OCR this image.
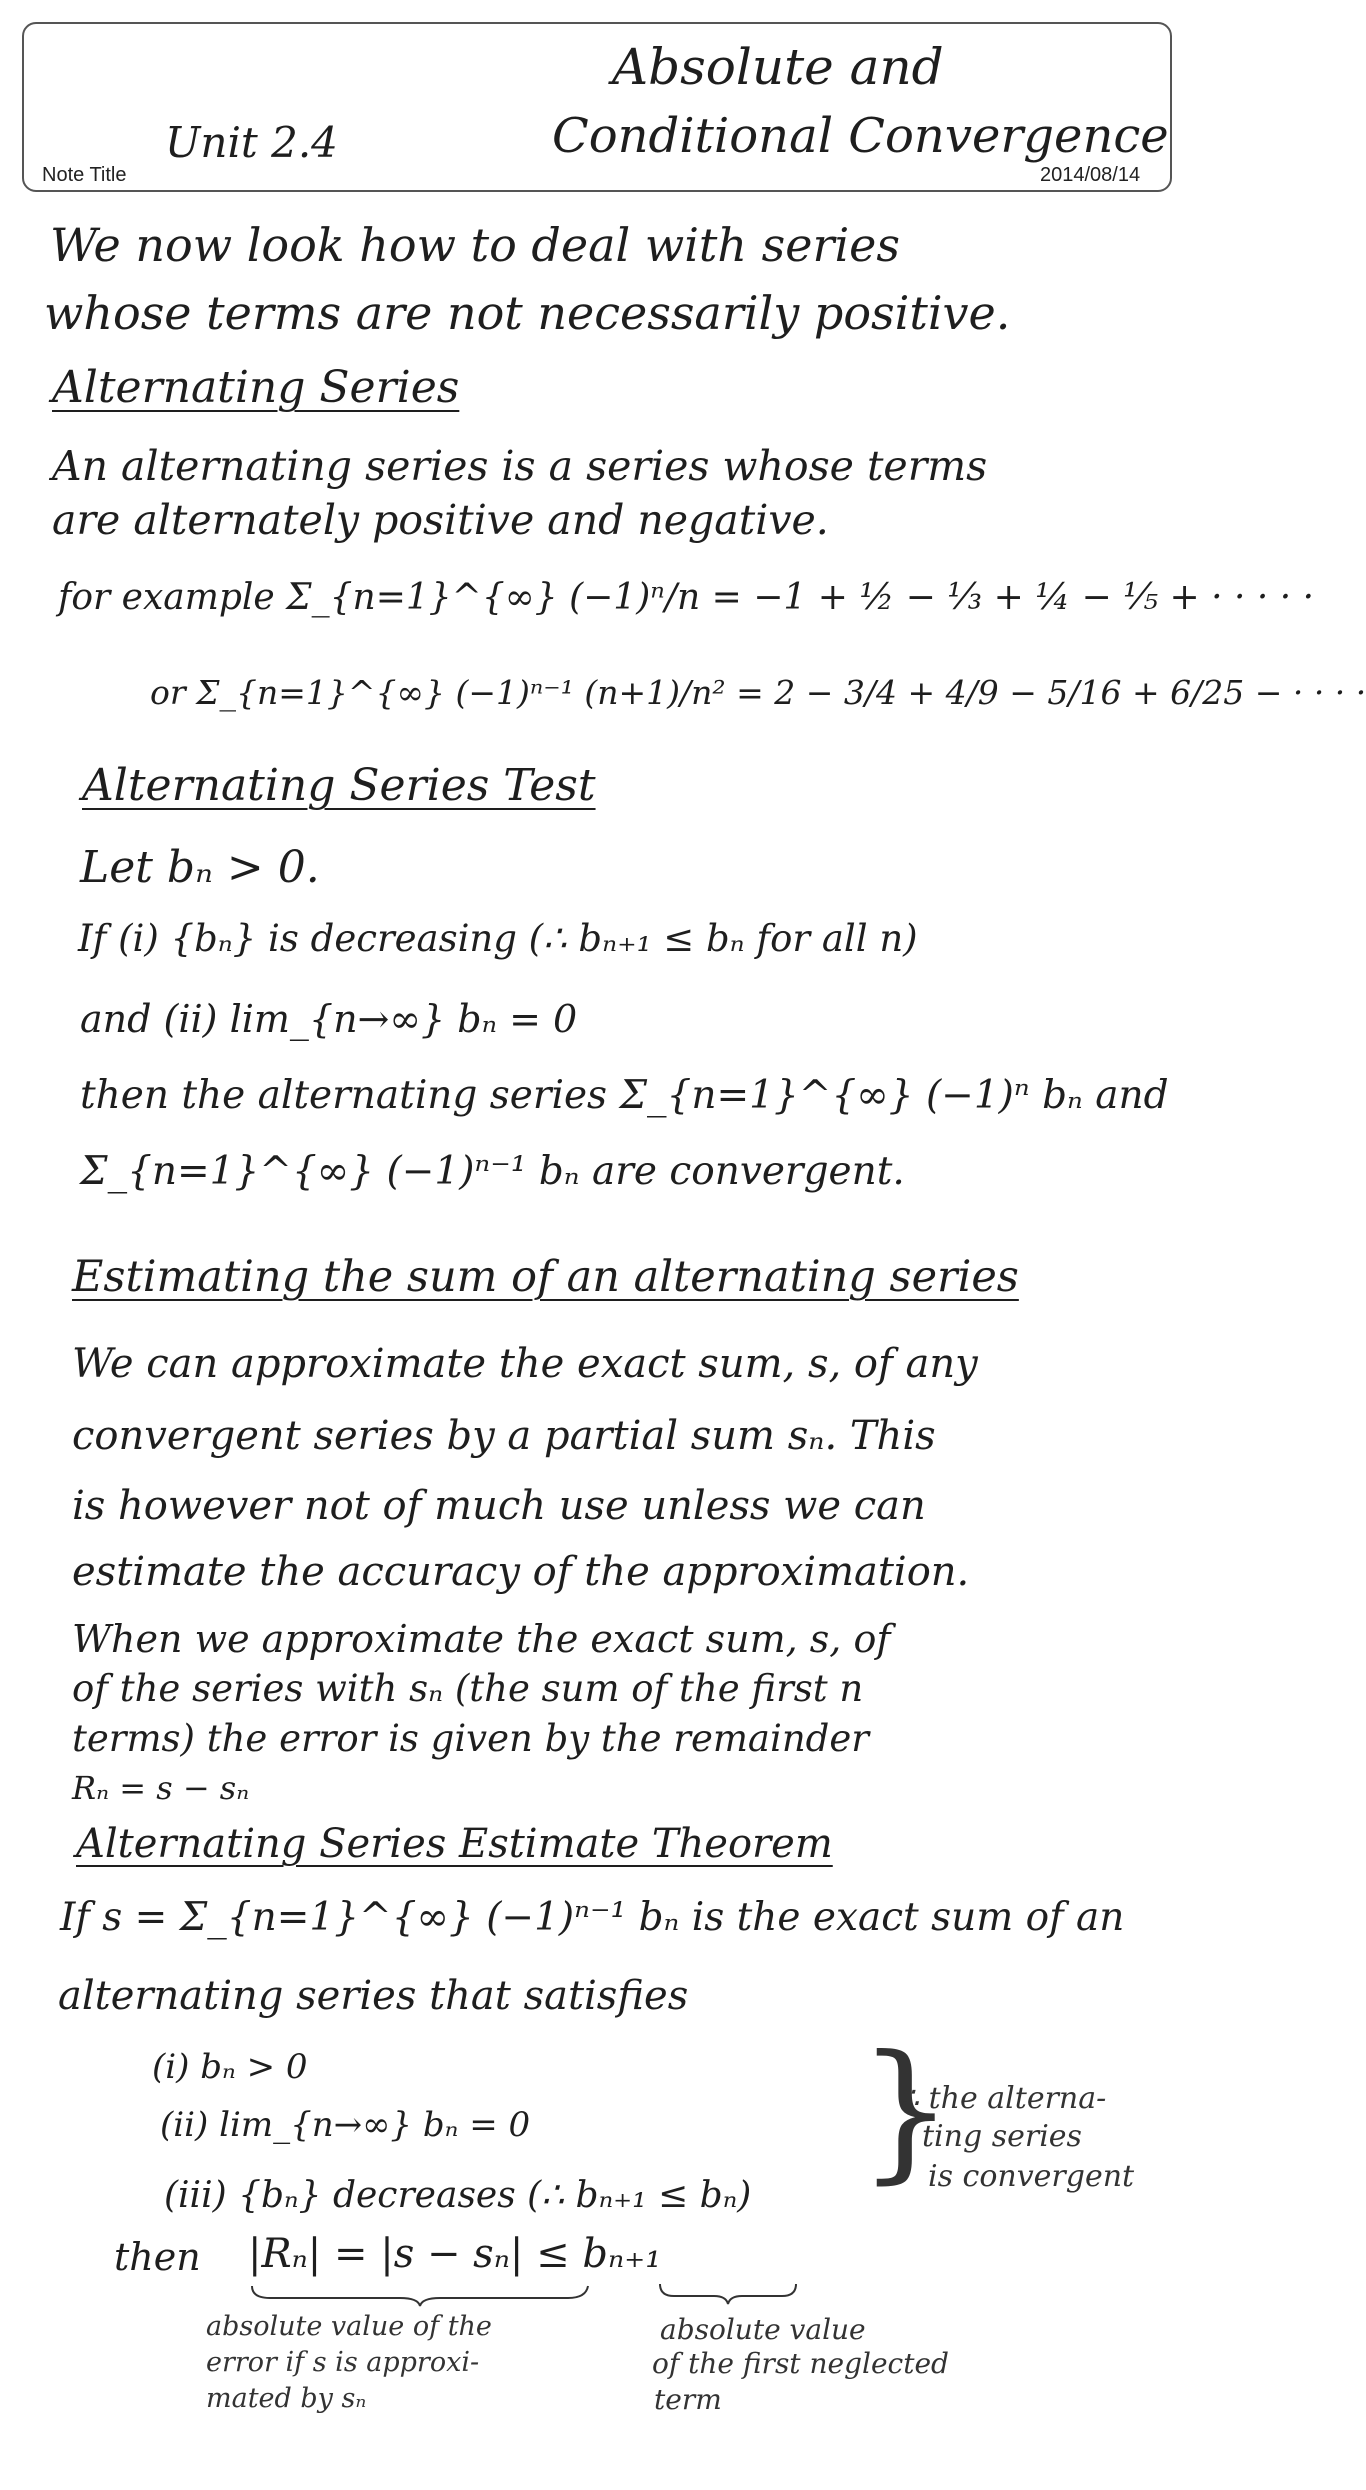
Absolute and
Conditional Convergence
Unit 2.4
Note Title	2014/08/14
We now look how to deal with series
whose terms are not necessarily positive.
Alternating Series
An alternating series is a series whose terms
are alternately positive and negative.
for example Σ_{n=1}^{∞} (−1)ⁿ/n = −1 + ½ − ⅓ + ¼ − ⅕ + · · · · ·
or Σ_{n=1}^{∞} (−1)ⁿ⁻¹ (n+1)/n² = 2 − 3/4 + 4/9 − 5/16 + 6/25 − · · · ·
Alternating Series Test
Let bₙ > 0.
If (i) {bₙ} is decreasing (∴ bₙ₊₁ ≤ bₙ for all n)
and (ii) lim_{n→∞} bₙ = 0
then the alternating series Σ_{n=1}^{∞} (−1)ⁿ bₙ and
Σ_{n=1}^{∞} (−1)ⁿ⁻¹ bₙ are convergent.
Estimating the sum of an alternating series
We can approximate the exact sum, s, of any
convergent series by a partial sum sₙ. This
is however not of much use unless we can
estimate the accuracy of the approximation.
When we approximate the exact sum, s, of
of the series with sₙ (the sum of the first n
terms) the error is given by the remainder
Rₙ = s − sₙ
Alternating Series Estimate Theorem
If s = Σ_{n=1}^{∞} (−1)ⁿ⁻¹ bₙ is the exact sum of an
alternating series that satisfies
(i) bₙ > 0
(ii) lim_{n→∞} bₙ = 0
(iii) {bₙ} decreases (∴ bₙ₊₁ ≤ bₙ) }
∴ the alterna-
ting series
is convergent
then |Rₙ| = |s − sₙ| ≤ bₙ₊₁
absolute value of the
error if s is approxi-
mated by sₙ
absolute value
of the first neglected
term
